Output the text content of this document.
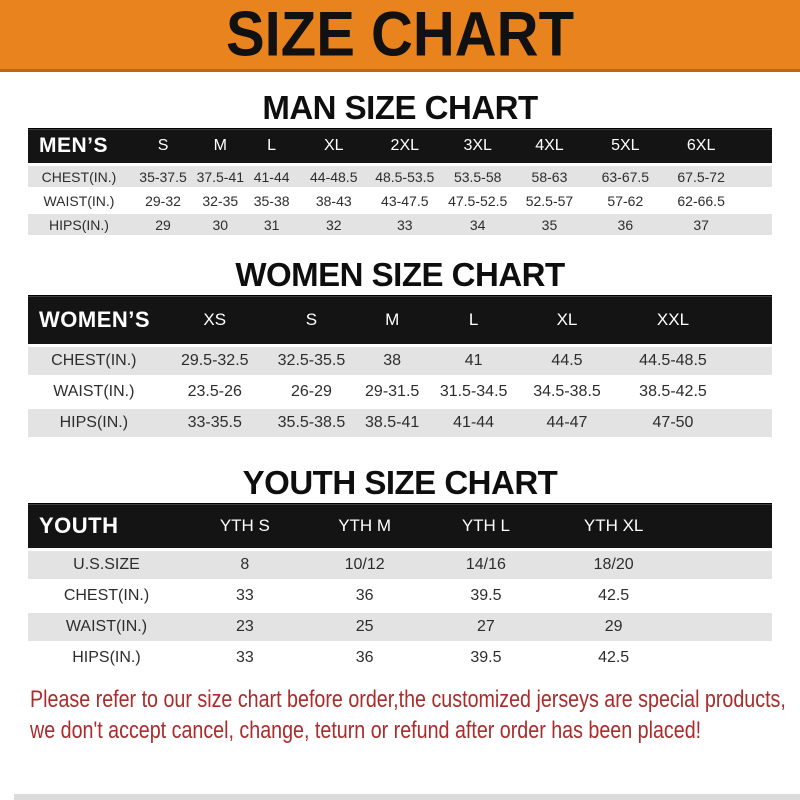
SIZE CHART
MAN SIZE CHART
MEN’S	S	M	L	XL	2XL	3XL	4XL	5XL	6XL
CHEST(IN.)	35-37.5	37.5-41	41-44	44-48.5	48.5-53.5	53.5-58	58-63	63-67.5	67.5-72
WAIST(IN.)	29-32	32-35	35-38	38-43	43-47.5	47.5-52.5	52.5-57	57-62	62-66.5
HIPS(IN.)	29	30	31	32	33	34	35	36	37
WOMEN SIZE CHART
WOMEN’S	XS	S	M	L	XL	XXL
CHEST(IN.)	29.5-32.5	32.5-35.5	38	41	44.5	44.5-48.5
WAIST(IN.)	23.5-26	26-29	29-31.5	31.5-34.5	34.5-38.5	38.5-42.5
HIPS(IN.)	33-35.5	35.5-38.5	38.5-41	41-44	44-47	47-50
YOUTH SIZE CHART
YOUTH	YTH S	YTH M	YTH L	YTH XL
U.S.SIZE	8	10/12	14/16	18/20
CHEST(IN.)	33	36	39.5	42.5
WAIST(IN.)	23	25	27	29
HIPS(IN.)	33	36	39.5	42.5

Please refer to our size chart before order,the customized jerseys are special products,
we don't accept cancel, change, teturn or refund after order has been placed!
